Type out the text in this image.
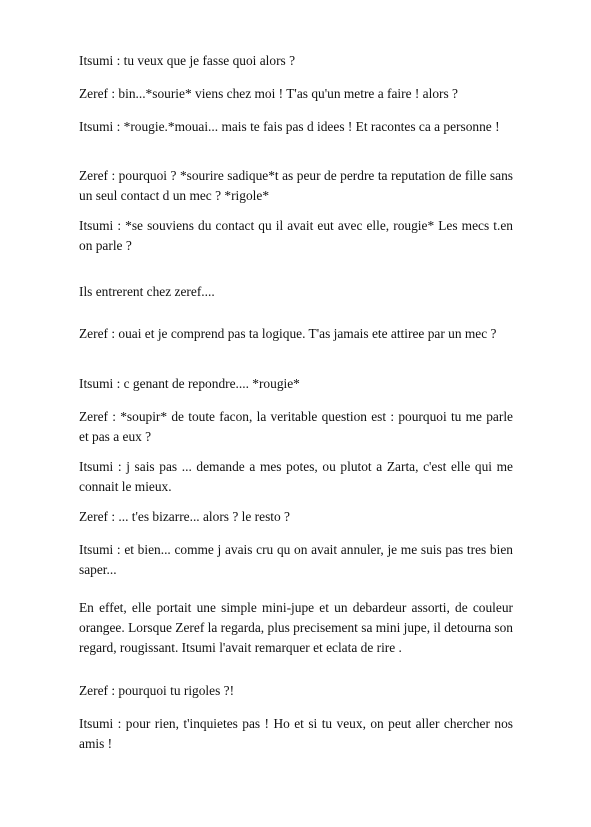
Itsumi : tu veux que je fasse quoi alors ?

Zeref : bin...*sourie* viens chez moi ! T'as qu'un metre a faire ! alors ?

Itsumi : *rougie.*mouai... mais te fais pas d idees ! Et racontes ca a personne !

Zeref : pourquoi ? *sourire sadique*t as peur de perdre ta reputation de fille sans un seul contact d un mec ? *rigole*

Itsumi : *se souviens du contact qu il avait eut avec elle, rougie* Les mecs t.en on parle ?

Ils entrerent chez zeref....

Zeref : ouai et je comprend pas ta logique. T'as jamais ete attiree par un mec ?

Itsumi : c genant de repondre.... *rougie*

Zeref : *soupir* de toute facon, la veritable question est : pourquoi tu me parle et pas a eux ?

Itsumi : j sais pas ... demande a mes potes, ou plutot a Zarta, c'est elle qui me connait le mieux.

Zeref : ... t'es bizarre... alors ? le resto ?

Itsumi : et bien... comme j avais cru qu on avait annuler, je me suis pas tres bien saper...

En effet, elle portait une simple mini-jupe et un debardeur assorti, de couleur orangee. Lorsque Zeref la regarda, plus precisement sa mini jupe, il detourna son regard, rougissant. Itsumi l'avait remarquer et eclata de rire .

Zeref : pourquoi tu rigoles ?!

Itsumi : pour rien, t'inquietes pas ! Ho et si tu veux, on peut aller chercher nos amis !
